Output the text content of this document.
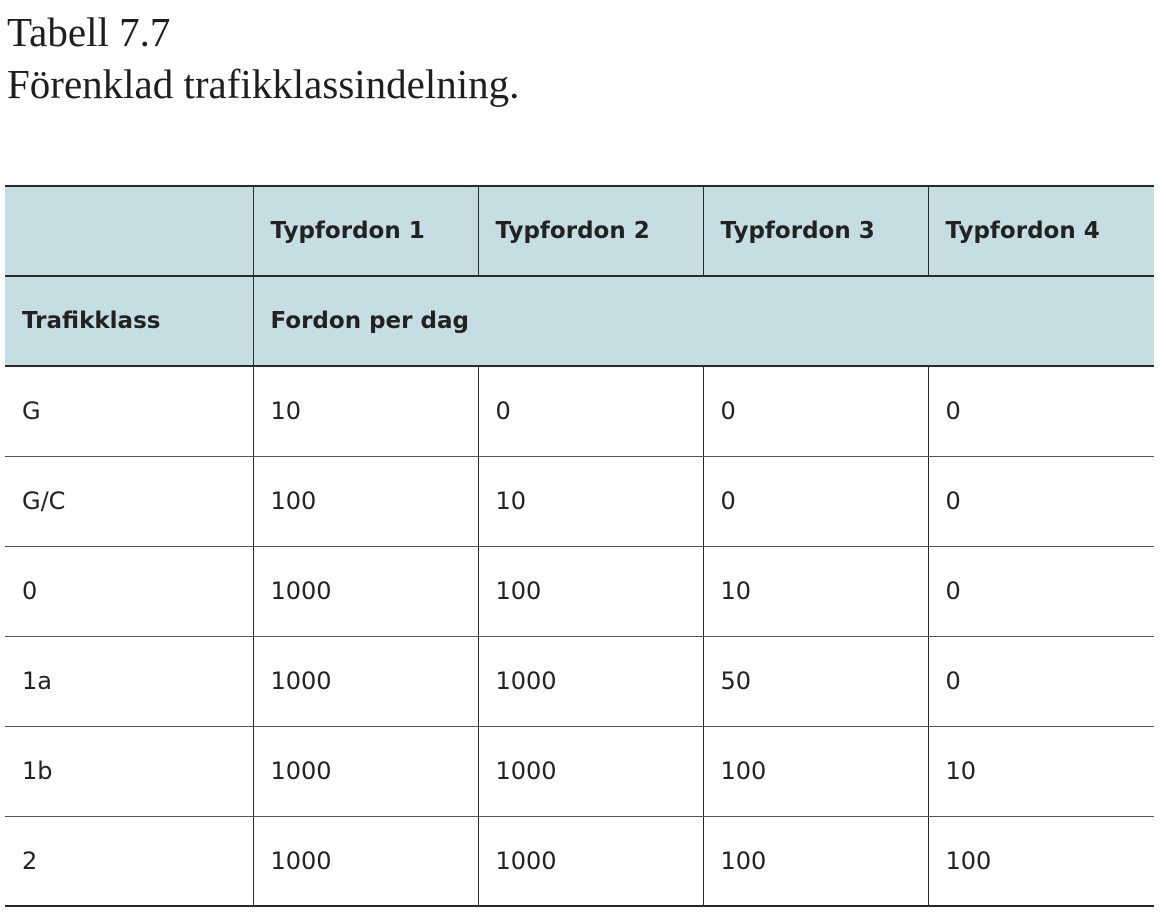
Tabell 7.7
Förenklad trafikklassindelning.
	Typfordon 1	Typfordon 2	Typfordon 3	Typfordon 4
Trafikklass	Fordon per dag			
G	10	0	0	0
G/C	100	10	0	0
0	1000	100	10	0
1a	1000	1000	50	0
1b	1000	1000	100	10
2	1000	1000	100	100
